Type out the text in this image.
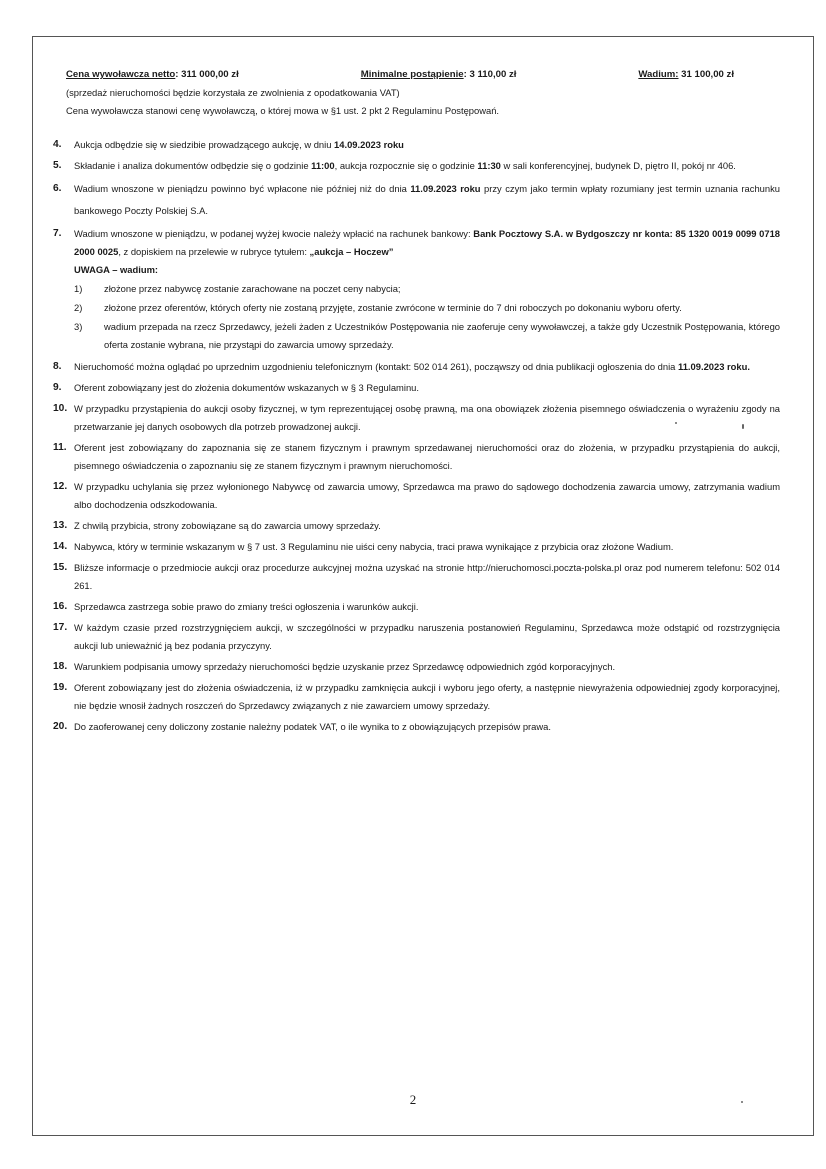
Cena wywoławcza netto: 311 000,00 zł	Minimalne postąpienie: 3 110,00 zł	Wadium: 31 100,00 zł

(sprzedaż nieruchomości będzie korzystała ze zwolnienia z opodatkowania VAT)

Cena wywoławcza stanowi cenę wywoławczą, o której mowa w §1 ust. 2 pkt 2 Regulaminu Postępowań.

4.	Aukcja odbędzie się w siedzibie prowadzącego aukcję, w dniu 14.09.2023 roku
5.	Składanie i analiza dokumentów odbędzie się o godzinie 11:00, aukcja rozpocznie się o godzinie 11:30 w sali konferencyjnej, budynek D, piętro II, pokój nr 406.
6.	Wadium wnoszone w pieniądzu powinno być wpłacone nie później niż do dnia 11.09.2023 roku przy czym jako termin wpłaty rozumiany jest termin uznania rachunku bankowego Poczty Polskiej S.A.
7.	Wadium wnoszone w pieniądzu, w podanej wyżej kwocie należy wpłacić na rachunek bankowy: Bank Pocztowy S.A. w Bydgoszczy nr konta: 85 1320 0019 0099 0718 2000 0025, z dopiskiem na przelewie w rubryce tytułem: „aukcja – Hoczew”
UWAGA – wadium:
1)	złożone przez nabywcę zostanie zarachowane na poczet ceny nabycia;
2)	złożone przez oferentów, których oferty nie zostaną przyjęte, zostanie zwrócone w terminie do 7 dni roboczych po dokonaniu wyboru oferty.
3)	wadium przepada na rzecz Sprzedawcy, jeżeli żaden z Uczestników Postępowania nie zaoferuje ceny wywoławczej, a także gdy Uczestnik Postępowania, którego oferta zostanie wybrana, nie przystąpi do zawarcia umowy sprzedaży.
8.	Nieruchomość można oglądać po uprzednim uzgodnieniu telefonicznym (kontakt: 502 014 261), począwszy od dnia publikacji ogłoszenia do dnia 11.09.2023 roku.
9.	Oferent zobowiązany jest do złożenia dokumentów wskazanych w § 3 Regulaminu.
10. W przypadku przystąpienia do aukcji osoby fizycznej, w tym reprezentującej osobę prawną, ma ona obowiązek złożenia pisemnego oświadczenia o wyrażeniu zgody na przetwarzanie jej danych osobowych dla potrzeb prowadzonej aukcji.
11. Oferent jest zobowiązany do zapoznania się ze stanem fizycznym i prawnym sprzedawanej nieruchomości oraz do złożenia, w przypadku przystąpienia do aukcji, pisemnego oświadczenia o zapoznaniu się ze stanem fizycznym i prawnym nieruchomości.
12. W przypadku uchylania się przez wyłonionego Nabywcę od zawarcia umowy, Sprzedawca ma prawo do sądowego dochodzenia zawarcia umowy, zatrzymania wadium albo dochodzenia odszkodowania.
13. Z chwilą przybicia, strony zobowiązane są do zawarcia umowy sprzedaży.
14. Nabywca, który w terminie wskazanym w § 7 ust. 3 Regulaminu nie uiści ceny nabycia, traci prawa wynikające z przybicia oraz złożone Wadium.
15. Bliższe informacje o przedmiocie aukcji oraz procedurze aukcyjnej można uzyskać na stronie http://nieruchomosci.poczta-polska.pl oraz pod numerem telefonu: 502 014 261.
16. Sprzedawca zastrzega sobie prawo do zmiany treści ogłoszenia i warunków aukcji.
17. W każdym czasie przed rozstrzygnięciem aukcji, w szczególności w przypadku naruszenia postanowień Regulaminu, Sprzedawca może odstąpić od rozstrzygnięcia aukcji lub unieważnić ją bez podania przyczyny.
18. Warunkiem podpisania umowy sprzedaży nieruchomości będzie uzyskanie przez Sprzedawcę odpowiednich zgód korporacyjnych.
19. Oferent zobowiązany jest do złożenia oświadczenia, iż w przypadku zamknięcia aukcji i wyboru jego oferty, a następnie niewyrażenia odpowiedniej zgody korporacyjnej, nie będzie wnosił żadnych roszczeń do Sprzedawcy związanych z nie zawarciem umowy sprzedaży.
20. Do zaoferowanej ceny doliczony zostanie należny podatek VAT, o ile wynika to z obowiązujących przepisów prawa.
2
